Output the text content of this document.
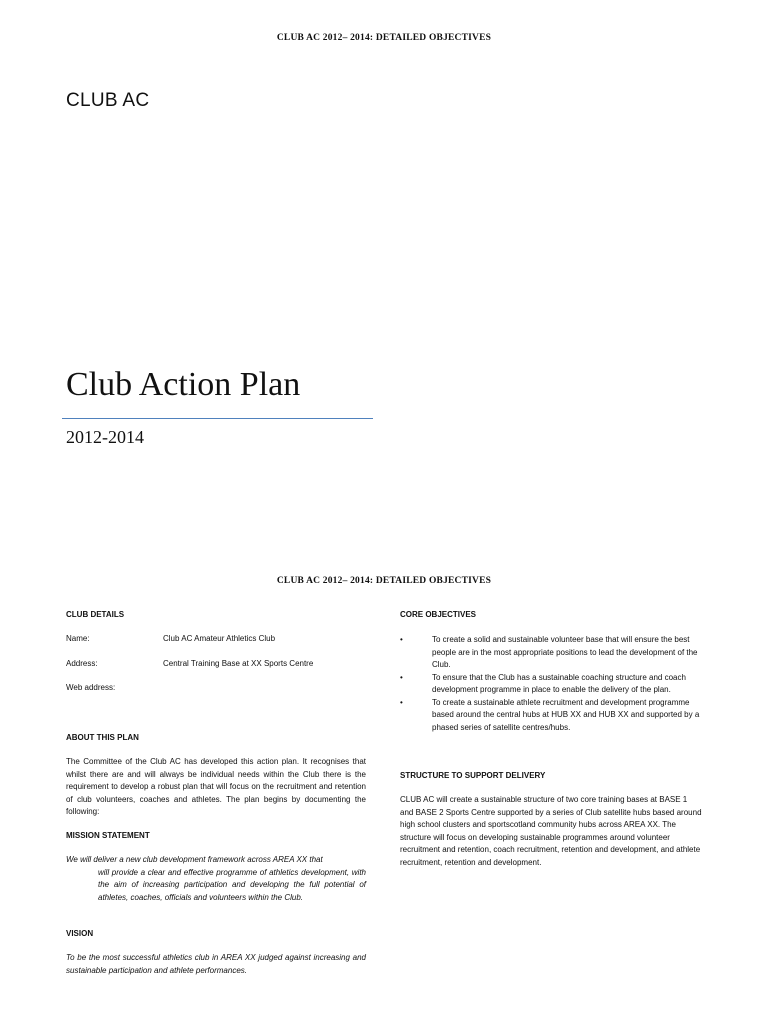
CLUB AC 2012– 2014: DETAILED OBJECTIVES
CLUB AC
Club Action Plan
2012-2014
CLUB AC 2012– 2014: DETAILED OBJECTIVES
CLUB DETAILS
Name:	Club AC Amateur Athletics Club
Address:	Central Training Base at XX Sports Centre
Web address:
ABOUT THIS PLAN
The Committee of the Club AC has developed this action plan. It recognises that whilst there are and will always be individual needs within the Club there is the requirement to develop a robust plan that will focus on the recruitment and retention of club volunteers, coaches and athletes. The plan begins by documenting the following:
MISSION STATEMENT
We will deliver a new club development framework across AREA XX that
will provide a clear and effective programme of athletics development, with the aim of increasing participation and developing the full potential of athletes, coaches, officials and volunteers within the Club.
VISION
To be the most successful athletics club in AREA XX judged against increasing and sustainable participation and athlete performances.
CORE OBJECTIVES
•	To create a solid and sustainable volunteer base that will ensure the best people are in the most appropriate positions to lead the development of the Club.
•	To ensure that the Club has a sustainable coaching structure and coach development programme in place to enable the delivery of the plan.
•	To create a sustainable athlete recruitment and development programme based around the central hubs at HUB XX and HUB XX and supported by a phased series of satellite centres/hubs.
STRUCTURE TO SUPPORT DELIVERY
CLUB AC will create a sustainable structure of two core training bases at BASE 1 and BASE 2 Sports Centre supported by a series of Club satellite hubs based around high school clusters and sportscotland community hubs across AREA XX. The structure will focus on developing sustainable programmes around volunteer recruitment and retention, coach recruitment, retention and development, and athlete recruitment, retention and development.
